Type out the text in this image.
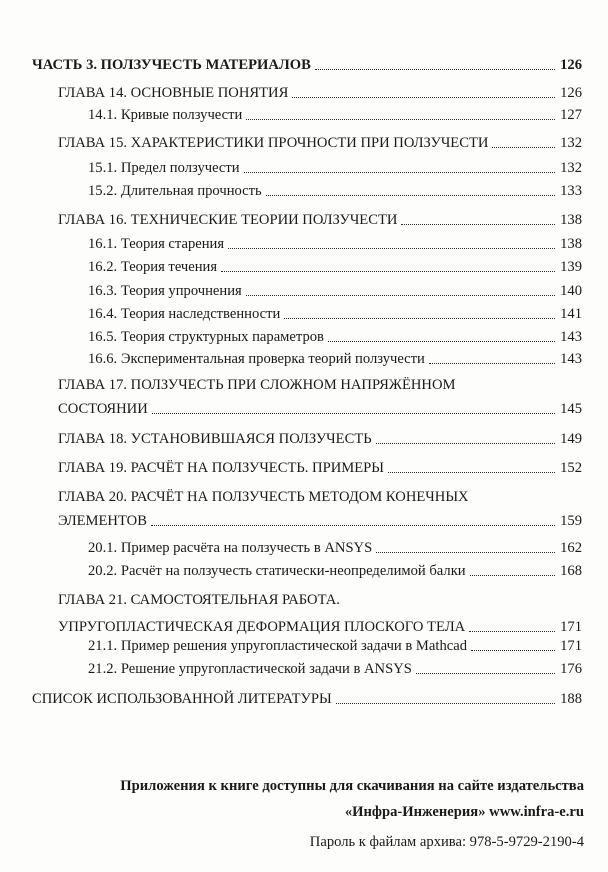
ЧАСТЬ 3. ПОЛЗУЧЕСТЬ МАТЕРИАЛОВ	126
ГЛАВА 14. ОСНОВНЫЕ ПОНЯТИЯ	126
14.1. Кривые ползучести	127
ГЛАВА 15. ХАРАКТЕРИСТИКИ ПРОЧНОСТИ ПРИ ПОЛЗУЧЕСТИ	132
15.1. Предел ползучести	132
15.2. Длительная прочность	133
ГЛАВА 16. ТЕХНИЧЕСКИЕ ТЕОРИИ ПОЛЗУЧЕСТИ	138
16.1. Теория старения	138
16.2. Теория течения	139
16.3. Теория упрочнения	140
16.4. Теория наследственности	141
16.5. Теория структурных параметров	143
16.6. Экспериментальная проверка теорий ползучести	143
ГЛАВА 17. ПОЛЗУЧЕСТЬ ПРИ СЛОЖНОМ НАПРЯЖЁННОМ
СОСТОЯНИИ	145
ГЛАВА 18. УСТАНОВИВШАЯСЯ ПОЛЗУЧЕСТЬ	149
ГЛАВА 19. РАСЧЁТ НА ПОЛЗУЧЕСТЬ. ПРИМЕРЫ	152
ГЛАВА 20. РАСЧЁТ НА ПОЛЗУЧЕСТЬ МЕТОДОМ КОНЕЧНЫХ
ЭЛЕМЕНТОВ	159
20.1. Пример расчёта на ползучесть в ANSYS	162
20.2. Расчёт на ползучесть статически-неопределимой балки	168
ГЛАВА 21. САМОСТОЯТЕЛЬНАЯ РАБОТА.
УПРУГОПЛАСТИЧЕСКАЯ ДЕФОРМАЦИЯ ПЛОСКОГО ТЕЛА	171
21.1. Пример решения упругопластической задачи в Mathcad	171
21.2. Решение упругопластической задачи в ANSYS	176
СПИСОК ИСПОЛЬЗОВАННОЙ ЛИТЕРАТУРЫ	188
Приложения к книге доступны для скачивания на сайте издательства
«Инфра-Инженерия» www.infra-e.ru
Пароль к файлам архива: 978-5-9729-2190-4
